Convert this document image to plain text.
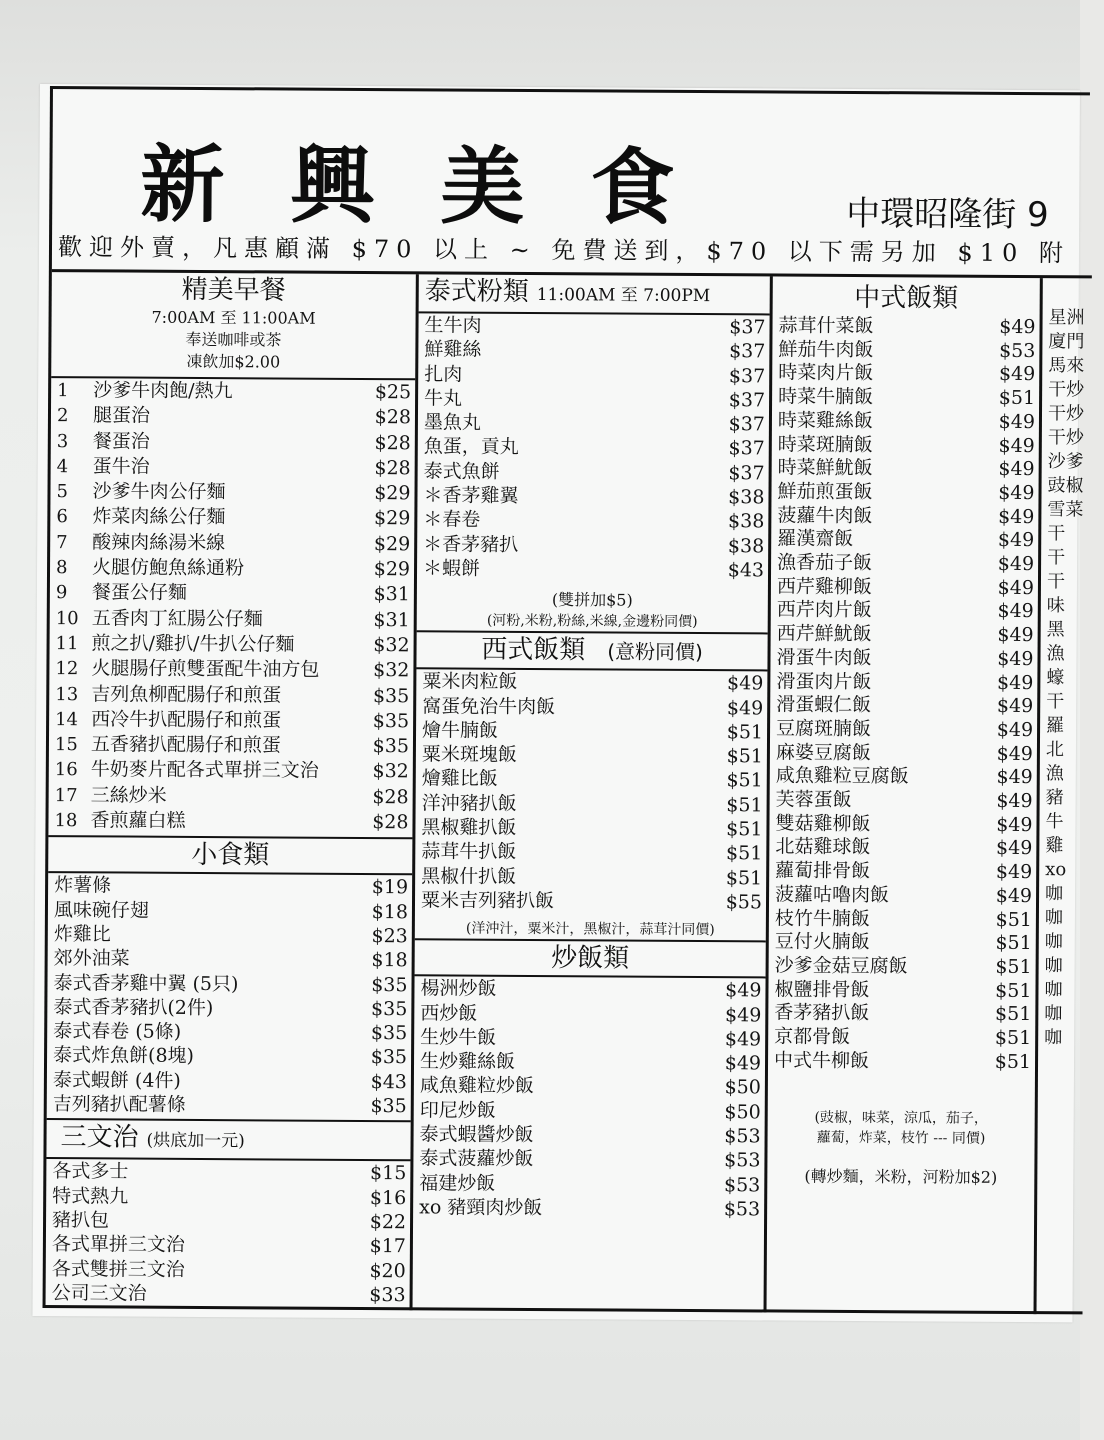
新興美食	中環昭隆街 9
歡迎外賣，凡惠顧滿 $70 以上 ~ 免費送到，$70 以下需另加 $10 附
精美早餐
7:00AM 至 11:00AM
奉送咖啡或茶
凍飲加$2.00
1	沙爹牛肉飽/熱九	$25
2	腿蛋治	$28
3	餐蛋治	$28
4	蛋牛治	$28
5	沙爹牛肉公仔麵	$29
6	炸菜肉絲公仔麵	$29
7	酸辣肉絲湯米線	$29
8	火腿仿鮑魚絲通粉	$29
9	餐蛋公仔麵	$31
10 五香肉丁紅腸公仔麵	$31
11 煎之扒/雞扒/牛扒公仔麵	$32
12 火腿腸仔煎雙蛋配牛油方包	$32
13 吉列魚柳配腸仔和煎蛋	$35
14 西冷牛扒配腸仔和煎蛋	$35
15 五香豬扒配腸仔和煎蛋	$35
16 牛奶麥片配各式單拼三文治	$32
17 三絲炒米	$28
18 香煎蘿白糕	$28
小食類
炸薯條	$19
風味碗仔翅	$18
炸雞比	$23
郊外油菜	$18
泰式香茅雞中翼 (5只)	$35
泰式香茅豬扒(2件)	$35
泰式春卷 (5條)	$35
泰式炸魚餅(8塊)	$35
泰式蝦餅 (4件)	$43
吉列豬扒配薯條	$35
三文治 (烘底加一元)
各式多士	$15
特式熱九	$16
豬扒包	$22
各式單拼三文治	$17
各式雙拼三文治	$20
公司三文治	$33
泰式粉類 11:00AM 至 7:00PM
生牛肉	$37
鮮雞絲	$37
扎肉	$37
牛丸	$37
墨魚丸	$37
魚蛋，貢丸	$37
泰式魚餅	$37
＊香茅雞翼	$38
＊春卷	$38
＊香茅豬扒	$38
＊蝦餅	$43
(雙拼加$5)
(河粉,米粉,粉絲,米線,金邊粉同價)
西式飯類 (意粉同價)
粟米肉粒飯	$49
窩蛋免治牛肉飯	$49
燴牛腩飯	$51
粟米斑塊飯	$51
燴雞比飯	$51
洋沖豬扒飯	$51
黑椒雞扒飯	$51
蒜茸牛扒飯	$51
黑椒什扒飯	$51
粟米吉列豬扒飯	$55
(洋沖汁，粟米汁，黑椒汁，蒜茸汁同價)
炒飯類
楊洲炒飯	$49
西炒飯	$49
生炒牛飯	$49
生炒雞絲飯	$49
咸魚雞粒炒飯	$50
印尼炒飯	$50
泰式蝦醬炒飯	$53
泰式菠蘿炒飯	$53
福建炒飯	$53
xo 豬頸肉炒飯	$53
中式飯類
蒜茸什菜飯	$49
鮮茄牛肉飯	$53
時菜肉片飯	$49
時菜牛腩飯	$51
時菜雞絲飯	$49
時菜斑腩飯	$49
時菜鮮魷飯	$49
鮮茄煎蛋飯	$49
菠蘿牛肉飯	$49
羅漢齋飯	$49
漁香茄子飯	$49
西芹雞柳飯	$49
西芹肉片飯	$49
西芹鮮魷飯	$49
滑蛋牛肉飯	$49
滑蛋肉片飯	$49
滑蛋蝦仁飯	$49
豆腐斑腩飯	$49
麻婆豆腐飯	$49
咸魚雞粒豆腐飯	$49
芙蓉蛋飯	$49
雙菇雞柳飯	$49
北菇雞球飯	$49
蘿蔔排骨飯	$49
菠蘿咕嚕肉飯	$49
枝竹牛腩飯	$51
豆付火腩飯	$51
沙爹金菇豆腐飯	$51
椒鹽排骨飯	$51
香茅豬扒飯	$51
京都骨飯	$51
中式牛柳飯	$51
(豉椒，味菜，涼瓜，茄子，
蘿蔔，炸菜，枝竹 --- 同價)
(轉炒麵，米粉，河粉加$2)
星洲
廈門
馬來
干炒
干炒
干炒
沙爹
豉椒
雪菜
干
干
干
味
黑
漁
蠔
干
羅
北
漁
豬
牛
雞
xo
咖
咖
咖
咖
咖
咖
咖
